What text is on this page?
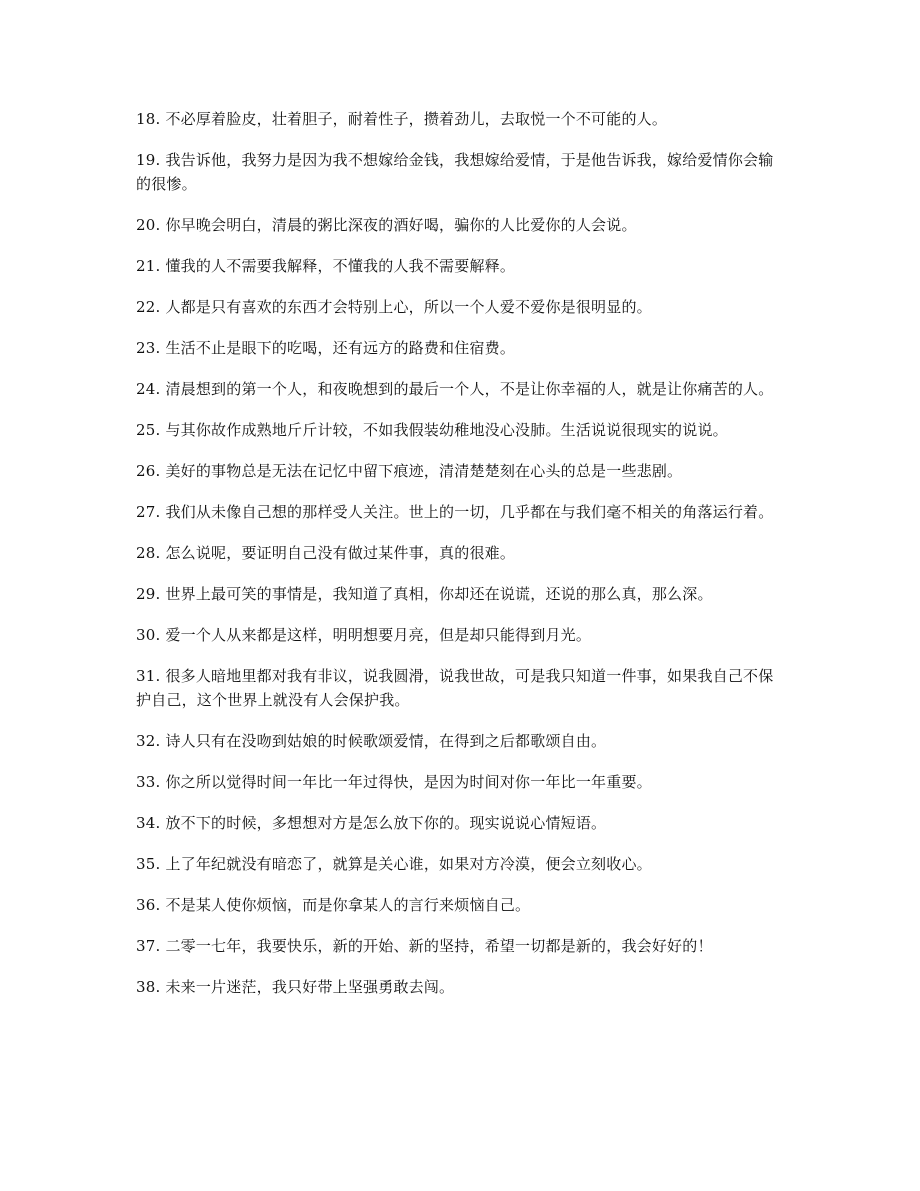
18. 不必厚着脸皮，壮着胆子，耐着性子，攒着劲儿，去取悦一个不可能的人。

19. 我告诉他，我努力是因为我不想嫁给金钱，我想嫁给爱情，于是他告诉我，嫁给爱情你会输的很惨。

20. 你早晚会明白，清晨的粥比深夜的酒好喝，骗你的人比爱你的人会说。

21. 懂我的人不需要我解释，不懂我的人我不需要解释。

22. 人都是只有喜欢的东西才会特别上心，所以一个人爱不爱你是很明显的。

23. 生活不止是眼下的吃喝，还有远方的路费和住宿费。

24. 清晨想到的第一个人，和夜晚想到的最后一个人，不是让你幸福的人，就是让你痛苦的人。

25. 与其你故作成熟地斤斤计较，不如我假装幼稚地没心没肺。生活说说很现实的说说。

26. 美好的事物总是无法在记忆中留下痕迹，清清楚楚刻在心头的总是一些悲剧。

27. 我们从未像自己想的那样受人关注。世上的一切，几乎都在与我们毫不相关的角落运行着。

28. 怎么说呢，要证明自己没有做过某件事，真的很难。

29. 世界上最可笑的事情是，我知道了真相，你却还在说谎，还说的那么真，那么深。

30. 爱一个人从来都是这样，明明想要月亮，但是却只能得到月光。

31. 很多人暗地里都对我有非议，说我圆滑，说我世故，可是我只知道一件事，如果我自己不保护自己，这个世界上就没有人会保护我。

32. 诗人只有在没吻到姑娘的时候歌颂爱情，在得到之后都歌颂自由。

33. 你之所以觉得时间一年比一年过得快，是因为时间对你一年比一年重要。

34. 放不下的时候，多想想对方是怎么放下你的。现实说说心情短语。

35. 上了年纪就没有暗恋了，就算是关心谁，如果对方冷漠，便会立刻收心。

36. 不是某人使你烦恼，而是你拿某人的言行来烦恼自己。

37. 二零一七年，我要快乐，新的开始、新的坚持，希望一切都是新的，我会好好的！

38. 未来一片迷茫，我只好带上坚强勇敢去闯。
